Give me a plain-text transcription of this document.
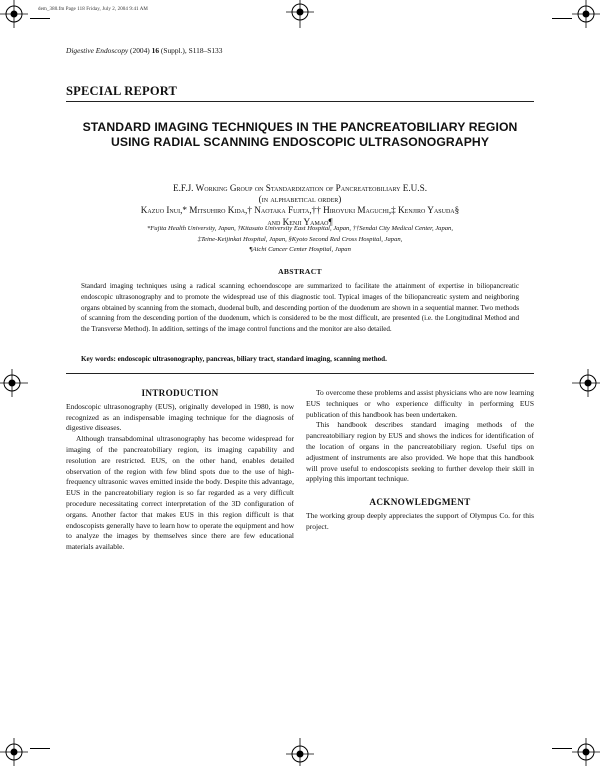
dem_380.fm Page 118 Friday, July 2, 2004 9:41 AM
Digestive Endoscopy (2004) 16 (Suppl.), S118–S133
SPECIAL REPORT
STANDARD IMAGING TECHNIQUES IN THE PANCREATOBILIARY REGION USING RADIAL SCANNING ENDOSCOPIC ULTRASONOGRAPHY
E.F.J. Working Group on Standardization of Pancreateobiliary E.U.S.
(in alphabetical order)
Kazuo Inui,* Mitsuhiro Kida,† Naotaka Fujita,†† Hiroyuki Maguchi,‡ Kenjiro Yasuda§
and Kenji Yamao¶
*Fujita Health University, Japan, †Kitasato University East Hospital, Japan, ††Sendai City Medical Center, Japan,
‡Teine-Keijinkai Hospital, Japan, §Kyoto Second Red Cross Hospital, Japan,
¶Aichi Cancer Center Hospital, Japan
ABSTRACT
Standard imaging techniques using a radical scanning echoendoscope are summarized to facilitate the attainment of expertise in biliopancreatic endoscopic ultrasonography and to promote the widespread use of this diagnostic tool. Typical images of the biliopancreatic system and neighboring organs obtained by scanning from the stomach, duodenal bulb, and descending portion of the duodenum are shown in a sequential manner. Two methods of scanning from the descending portion of the duodenum, which is considered to be the most difficult, are presented (i.e. the Longitudinal Method and the Transverse Method). In addition, settings of the image control functions and the monitor are also detailed.
Key words: endoscopic ultrasonography, pancreas, biliary tract, standard imaging, scanning method.
INTRODUCTION

Endoscopic ultrasonography (EUS), originally developed in 1980, is now recognized as an indispensable imaging technique for the diagnosis of digestive diseases.

Although transabdominal ultrasonography has become widespread for imaging of the pancreatobiliary region, its imaging capability and resolution are restricted. EUS, on the other hand, enables detailed observation of the region with few blind spots due to the use of high-frequency ultrasonic waves emitted inside the body. Despite this advantage, EUS in the pancreatobiliary region is so far regarded as a very difficult procedure necessitating correct interpretation of the 3D configuration of organs. Another factor that makes EUS in this region difficult is that endoscopists generally have to learn how to operate the equipment and how to analyze the images by themselves since there are few educational materials available.

To overcome these problems and assist physicians who are now learning EUS techniques or who experience difficulty in performing EUS publication of this handbook has been undertaken.

This handbook describes standard imaging methods of the pancreatobiliary region by EUS and shows the indices for identification of the location of organs in the pancreatobiliary region. Useful tips on adjustment of instruments are also provided. We hope that this handbook will prove useful to endoscopists seeking to further develop their skill in applying this important technique.

ACKNOWLEDGMENT

The working group deeply appreciates the support of Olympus Co. for this project.
